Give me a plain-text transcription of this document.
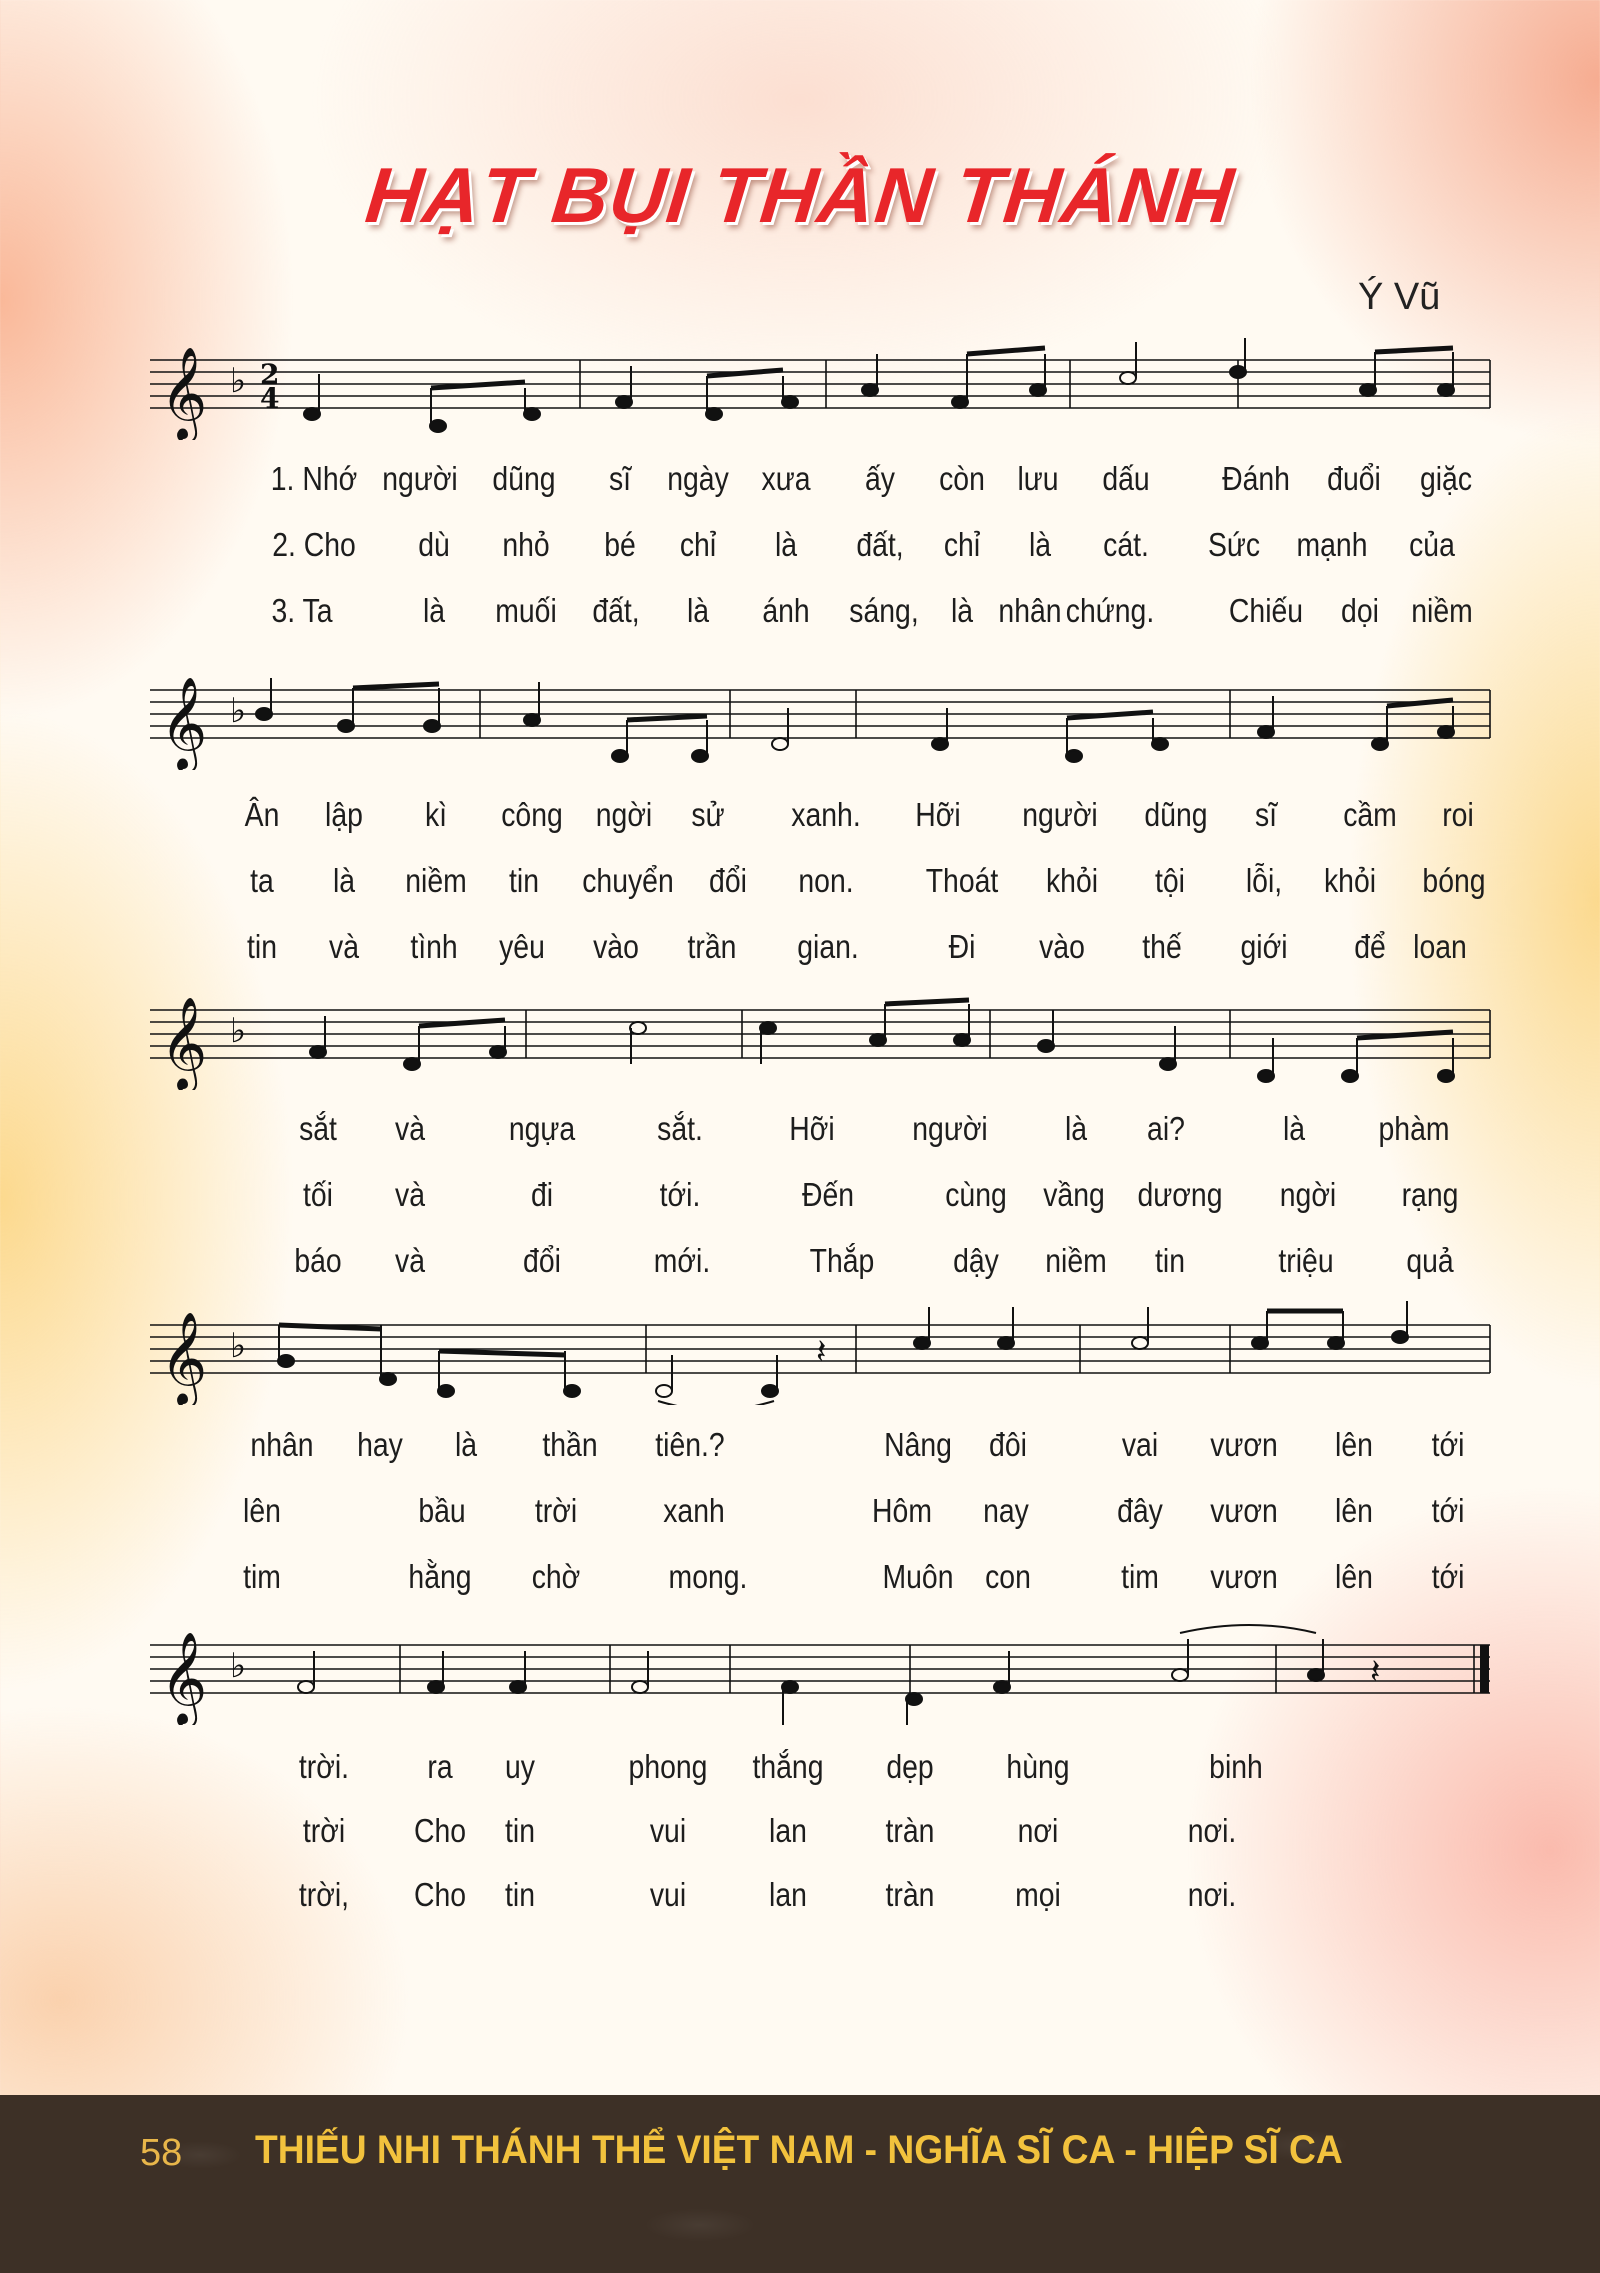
HẠT BỤI THẦN THÁNH
Ý Vũ
𝄞 ♭ 2
4
𝄞 ♭
𝄞 ♭
𝄞 ♭	𝄽
𝄞 ♭	𝄽
1. Nhớ người dũng sĩ ngày xưa ấy còn lưu dấu Đánh đuổi giặc
2. Cho dù nhỏ bé chỉ là đất, chỉ là cát. Sức mạnh của
3. Ta	là muối đất, là ánh sáng, là nhân chứng. Chiếu dọi niềm
Ân lập kì công ngời sử xanh. Hỡi người dũng sĩ cầm roi
ta là niềm tin chuyển đổi non. Thoát khỏi tội lỗi, khỏi bóng
tin và tình yêu vào trần gian.	Đi vào thế giới để loan
sắt và	ngựa sắt.	Hỡi người là ai?	là phàm
tối và	đi	tới.	Đến	cùng vầng dương ngời rạng
báo và	đổi	mới.	Thắp dậy niềm tin	triệu quả
nhân hay là thần tiên.?	Nâng đôi	vai vươn lên tới
lên	bầu trời	xanh	Hôm nay	đây vươn lên tới
tim	hằng chờ	mong.	Muôn con	tim vươn lên tới
trời. ra uy	phong thắng dẹp hùng	binh
trời Cho tin	vui	lan tràn	nơi	nơi.
trời, Cho tin	vui	lan tràn mọi	nơi.
58 THIẾU NHI THÁNH THỂ VIỆT NAM - NGHĨA SĨ CA - HIỆP SĨ CA
